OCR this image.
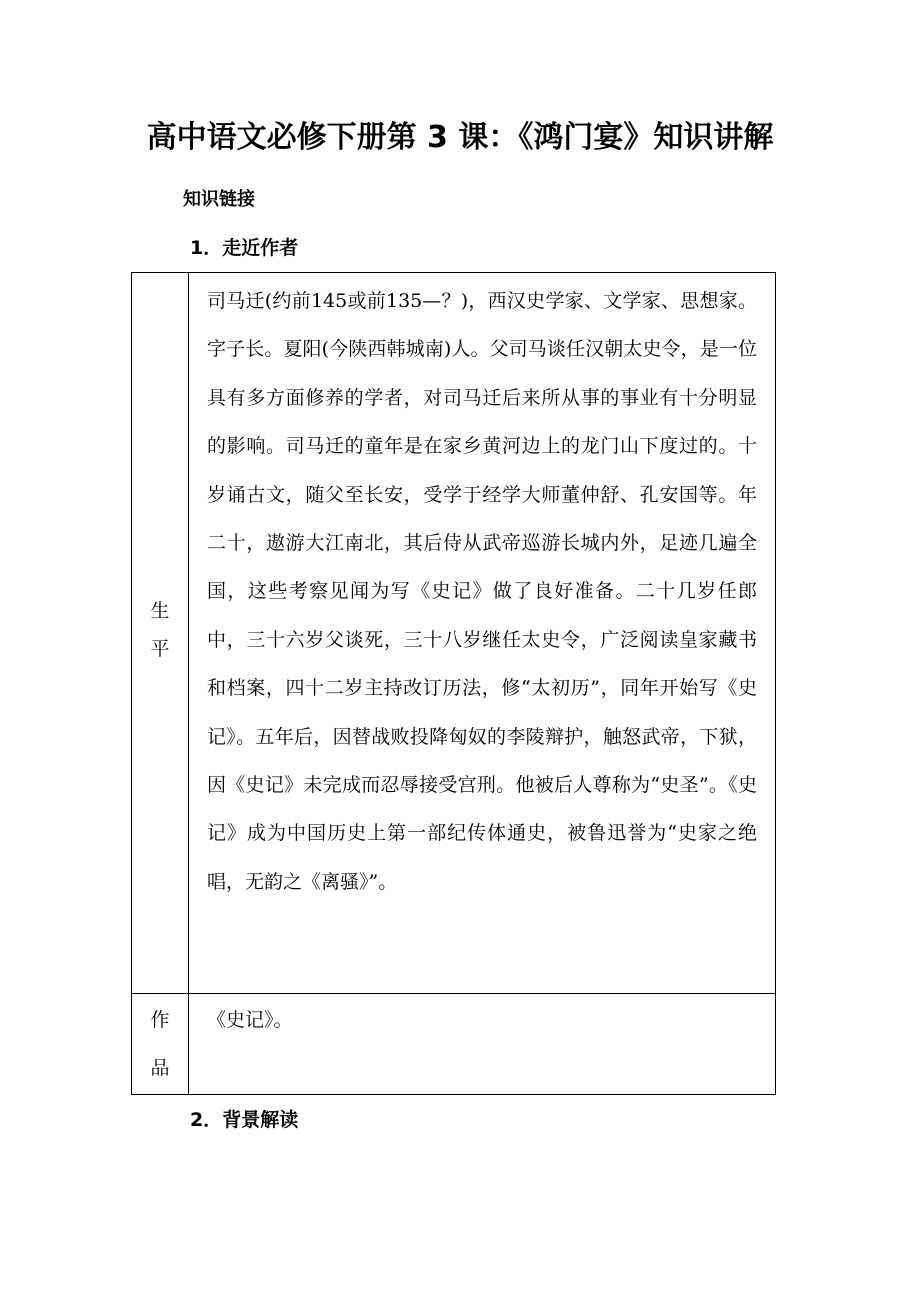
高中语文必修下册第 3 课：《鸿门宴》知识讲解
知识链接
1．走近作者
生平	司马迁(约前145或前135—？)，西汉史学家、文学家、思想家。字子长。夏阳(今陕西韩城南)人。父司马谈任汉朝太史令，是一位具有多方面修养的学者，对司马迁后来所从事的事业有十分明显的影响。司马迁的童年是在家乡黄河边上的龙门山下度过的。十岁诵古文，随父至长安，受学于经学大师董仲舒、孔安国等。年二十，遨游大江南北，其后侍从武帝巡游长城内外，足迹几遍全国，这些考察见闻为写《史记》做了良好准备。二十几岁任郎中，三十六岁父谈死，三十八岁继任太史令，广泛阅读皇家藏书和档案，四十二岁主持改订历法，修“太初历”，同年开始写《史记》。五年后，因替战败投降匈奴的李陵辩护，触怒武帝，下狱，因《史记》未完成而忍辱接受宫刑。他被后人尊称为“史圣”。《史记》成为中国历史上第一部纪传体通史，被鲁迅誉为“史家之绝唱，无韵之《离骚》”。
作品	《史记》。
2．背景解读
